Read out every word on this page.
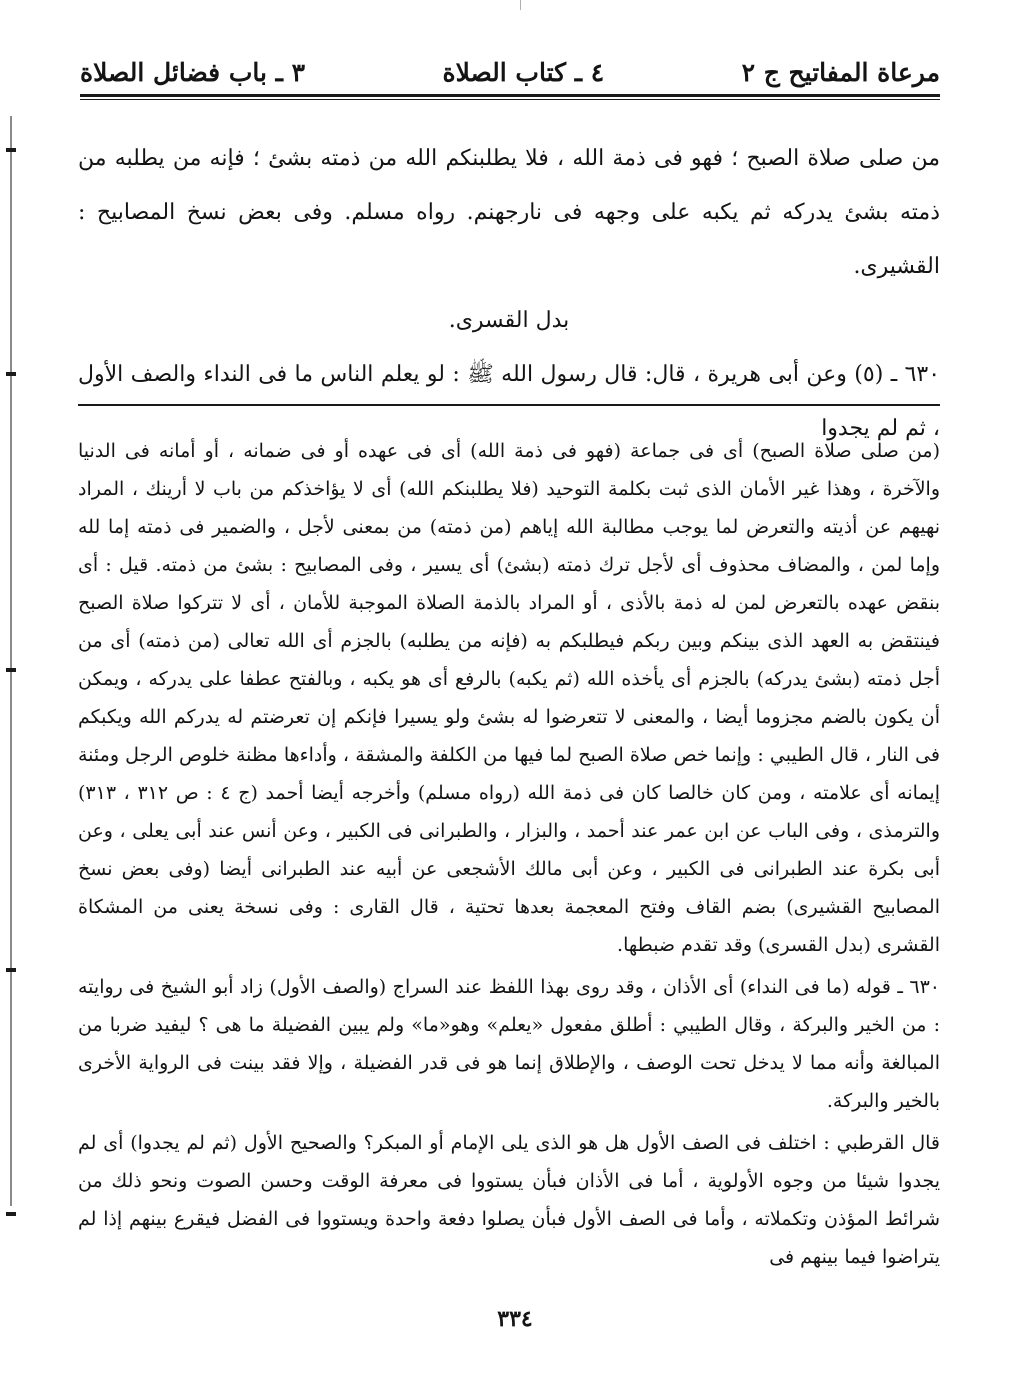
مرعاة المفاتيح ج ٢
٤ ـ كتاب الصلاة
٣ ـ باب فضائل الصلاة

من صلى صلاة الصبح ؛ فهو فى ذمة الله ، فلا يطلبنكم الله من ذمته بشئ ؛ فإنه من يطلبه من ذمته بشئ يدركه ثم يكبه على وجهه فى نارجهنم. رواه مسلم. وفى بعض نسخ المصابيح : القشيرى.

بدل القسرى.

٦٣٠ ـ (٥) وعن أبى هريرة ، قال: قال رسول الله ﷺ : لو يعلم الناس ما فى النداء والصف الأول ، ثم لم يجدوا

(من صلى صلاة الصبح) أى فى جماعة (فهو فى ذمة الله) أى فى عهده أو فى ضمانه ، أو أمانه فى الدنيا والآخرة ، وهذا غير الأمان الذى ثبت بكلمة التوحيد (فلا يطلبنكم الله) أى لا يؤاخذكم من باب لا أرينك ، المراد نهيهم عن أذيته والتعرض لما يوجب مطالبة الله إياهم (من ذمته) من بمعنى لأجل ، والضمير فى ذمته إما لله وإما لمن ، والمضاف محذوف أى لأجل ترك ذمته (بشئ) أى يسير ، وفى المصابيح : بشئ من ذمته. قيل : أى بنقض عهده بالتعرض لمن له ذمة بالأذى ، أو المراد بالذمة الصلاة الموجبة للأمان ، أى لا تتركوا صلاة الصبح فينتقض به العهد الذى بينكم وبين ربكم فيطلبكم به (فإنه من يطلبه) بالجزم أى الله تعالى (من ذمته) أى من أجل ذمته (بشئ يدركه) بالجزم أى يأخذه الله (ثم يكبه) بالرفع أى هو يكبه ، وبالفتح عطفا على يدركه ، ويمكن أن يكون بالضم مجزوما أيضا ، والمعنى لا تتعرضوا له بشئ ولو يسيرا فإنكم إن تعرضتم له يدركم الله ويكبكم فى النار ، قال الطيبي : وإنما خص صلاة الصبح لما فيها من الكلفة والمشقة ، وأداءها مظنة خلوص الرجل ومئنة إيمانه أى علامته ، ومن كان خالصا كان فى ذمة الله (رواه مسلم) وأخرجه أيضا أحمد (ج ٤ : ص ٣١٢ ، ٣١٣) والترمذى ، وفى الباب عن ابن عمر عند أحمد ، والبزار ، والطبرانى فى الكبير ، وعن أنس عند أبى يعلى ، وعن أبى بكرة عند الطبرانى فى الكبير ، وعن أبى مالك الأشجعى عن أبيه عند الطبرانى أيضا (وفى بعض نسخ المصابيح القشيرى) بضم القاف وفتح المعجمة بعدها تحتية ، قال القارى : وفى نسخة يعنى من المشكاة القشرى (بدل القسرى) وقد تقدم ضبطها.

٦٣٠ ـ قوله (ما فى النداء) أى الأذان ، وقد روى بهذا اللفظ عند السراج (والصف الأول) زاد أبو الشيخ فى روايته : من الخير والبركة ، وقال الطيبي : أطلق مفعول «يعلم» وهو«ما» ولم يبين الفضيلة ما هى ؟ ليفيد ضربا من المبالغة وأنه مما لا يدخل تحت الوصف ، والإطلاق إنما هو فى قدر الفضيلة ، وإلا فقد بينت فى الرواية الأخرى بالخير والبركة.

قال القرطبي : اختلف فى الصف الأول هل هو الذى يلى الإمام أو المبكر؟ والصحيح الأول (ثم لم يجدوا) أى لم يجدوا شيئا من وجوه الأولوية ، أما فى الأذان فبأن يستووا فى معرفة الوقت وحسن الصوت ونحو ذلك من شرائط المؤذن وتكملاته ، وأما فى الصف الأول فبأن يصلوا دفعة واحدة ويستووا فى الفضل فيقرع بينهم إذا لم يتراضوا فيما بينهم فى

٣٣٤
